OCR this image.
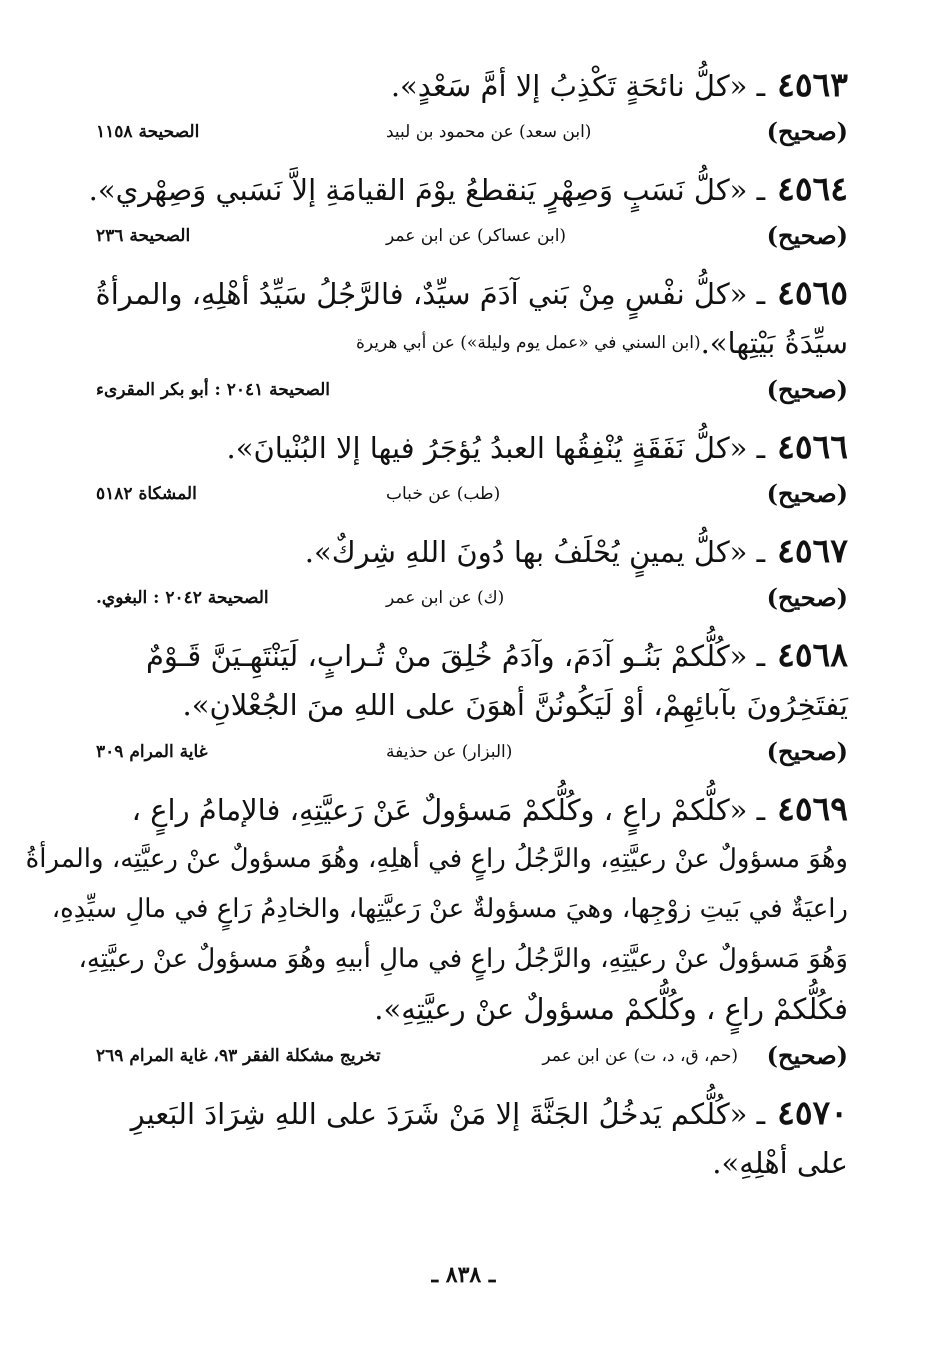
٤٥٦٣ـ «كلُّ نائحَةٍ تَكْذِبُ إلا أمَّ سَعْدٍ».
(صحيح)
(ابن سعد) عن محمود بن لبيد
الصحيحة ١١٥٨
٤٥٦٤ـ «كلُّ نَسَبٍ وَصِهْرٍ يَنقطعُ يوْمَ القيامَةِ إلاَّ نَسَبي وَصِهْري».
(صحيح)
(ابن عساكر) عن ابن عمر
الصحيحة ٢٣٦
٤٥٦٥ـ «كلُّ نفْسٍ مِنْ بَني آدَمَ سيِّدٌ، فالرَّجُلُ سَيِّدُ أهْلِهِ، والمرأةُ
سيِّدَةُ بَيْتِها».
(ابن السني في «عمل يوم وليلة») عن أبي هريرة
(صحيح)
الصحيحة ٢٠٤١ : أبو بكر المقرىء
٤٥٦٦ـ «كلُّ نَفَقَةٍ يُنْفِقُها العبدُ يُؤجَرُ فيها إلا البُنْيانَ».
(صحيح)
(طب) عن خباب
المشكاة ٥١٨٢
٤٥٦٧ـ «كلُّ يمينٍ يُحْلَفُ بها دُونَ اللهِ شِركٌ».
(صحيح)
(ك) عن ابن عمر
الصحيحة ٢٠٤٢ : البغوي.
٤٥٦٨ـ «كُلُّكمْ بَنُـو آدَمَ، وآدَمُ خُلِقَ منْ تُـرابٍ، لَيَنْتَهِـيَنَّ قَـوْمٌ
يَفتَخِرُونَ بآبائِهِمْ، أوْ لَيَكُونُنَّ أهوَنَ على اللهِ منَ الجُعْلانِ».
(صحيح)
(البزار) عن حذيفة
غاية المرام ٣٠٩
٤٥٦٩ـ «كلُّكمْ راعٍ ، وكُلُّكمْ مَسؤولٌ عَنْ رَعيَّتِهِ، فالإمامُ راعٍ ،
وهُوَ مسؤولٌ عنْ رعيَّتِهِ، والرَّجُلُ راعٍ في أهلِهِ، وهُوَ مسؤولٌ عنْ رعيَّتِه، والمرأةُ
راعيَةٌ في بَيتِ زوْجِها، وهيَ مسؤولةٌ عنْ رَعيَّتِها، والخادِمُ رَاعٍ في مالِ سيِّدِهِ،
وَهُوَ مَسؤولٌ عنْ رعيَّتِهِ، والرَّجُلُ راعٍ في مالِ أبيهِ وهُوَ مسؤولٌ عنْ رعيَّتِهِ،
فكُلُّكمْ راعٍ ، وكُلُّكمْ مسؤولٌ عنْ رعيَّتِهِ».
(صحيح)
(حم، ق، د، ت) عن ابن عمر
تخريج مشكلة الفقر ٩٣، غاية المرام ٢٦٩
٤٥٧٠ـ «كُلُّكم يَدخُلُ الجَنَّةَ إلا مَنْ شَرَدَ على اللهِ شِرَادَ البَعيرِ
على أهْلِهِ».
ـ ٨٣٨ ـ
